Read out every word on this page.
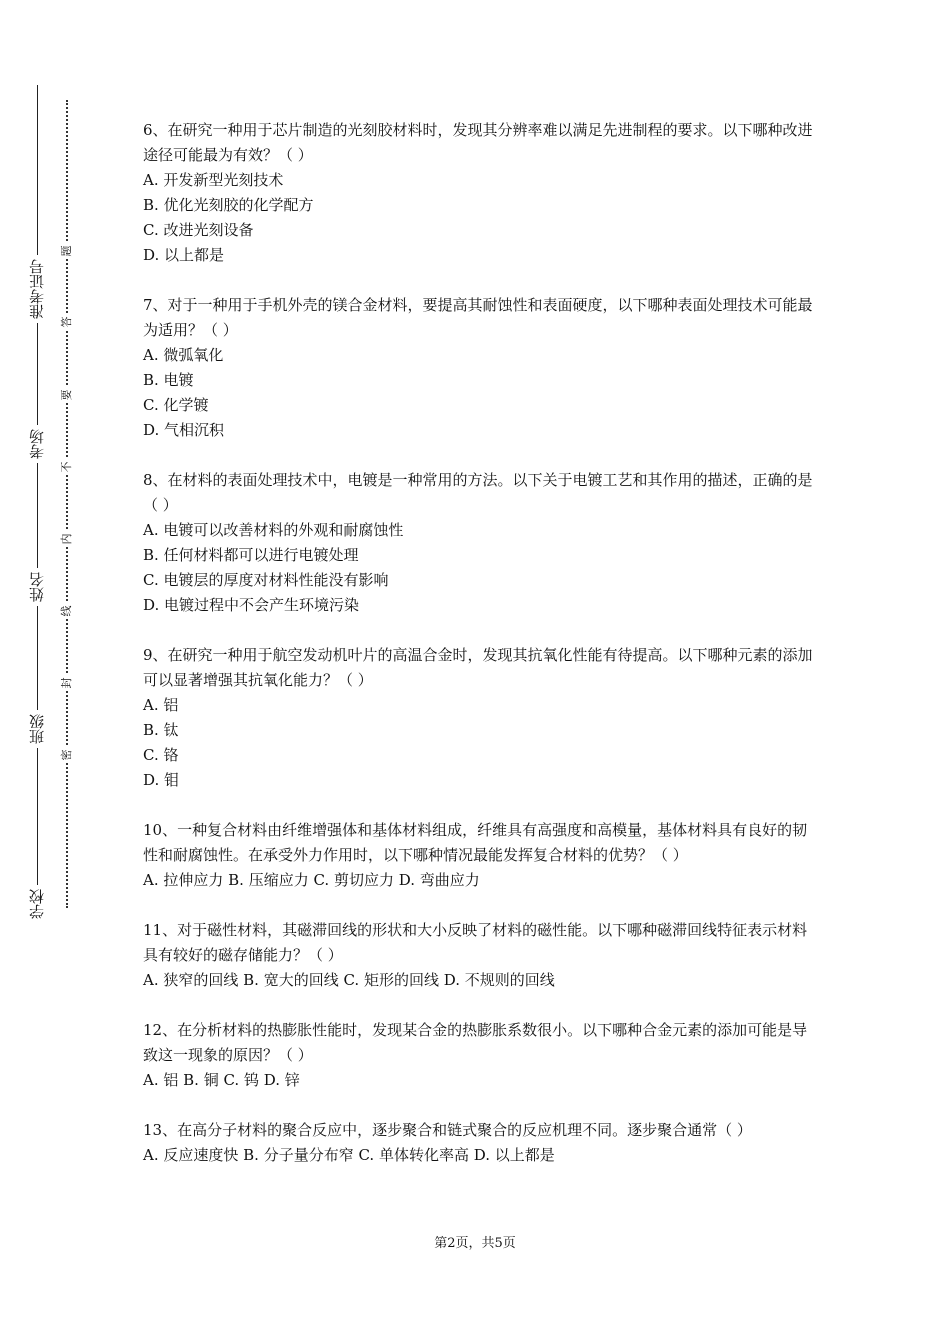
准考证号
考场
姓名
班级
学校
题
答
要
不
内
线
封
密

6、在研究一种用于芯片制造的光刻胶材料时，发现其分辨率难以满足先进制程的要求。以下哪种改进途径可能最为有效？（ ）

A. 开发新型光刻技术

B. 优化光刻胶的化学配方

C. 改进光刻设备

D. 以上都是

7、对于一种用于手机外壳的镁合金材料，要提高其耐蚀性和表面硬度，以下哪种表面处理技术可能最为适用？（ ）

A. 微弧氧化

B. 电镀

C. 化学镀

D. 气相沉积

8、在材料的表面处理技术中，电镀是一种常用的方法。以下关于电镀工艺和其作用的描述，正确的是（ ）

A. 电镀可以改善材料的外观和耐腐蚀性

B. 任何材料都可以进行电镀处理

C. 电镀层的厚度对材料性能没有影响

D. 电镀过程中不会产生环境污染

9、在研究一种用于航空发动机叶片的高温合金时，发现其抗氧化性能有待提高。以下哪种元素的添加可以显著增强其抗氧化能力？（ ）

A. 铝

B. 钛

C. 铬

D. 钼

10、一种复合材料由纤维增强体和基体材料组成，纤维具有高强度和高模量，基体材料具有良好的韧性和耐腐蚀性。在承受外力作用时，以下哪种情况最能发挥复合材料的优势？（ ）

A. 拉伸应力 B. 压缩应力 C. 剪切应力 D. 弯曲应力

11、对于磁性材料，其磁滞回线的形状和大小反映了材料的磁性能。以下哪种磁滞回线特征表示材料具有较好的磁存储能力？（ ）

A. 狭窄的回线 B. 宽大的回线 C. 矩形的回线 D. 不规则的回线

12、在分析材料的热膨胀性能时，发现某合金的热膨胀系数很小。以下哪种合金元素的添加可能是导致这一现象的原因？（ ）

A. 铝 B. 铜 C. 钨 D. 锌

13、在高分子材料的聚合反应中，逐步聚合和链式聚合的反应机理不同。逐步聚合通常（ ）

A. 反应速度快 B. 分子量分布窄 C. 单体转化率高 D. 以上都是

第2页，共5页
